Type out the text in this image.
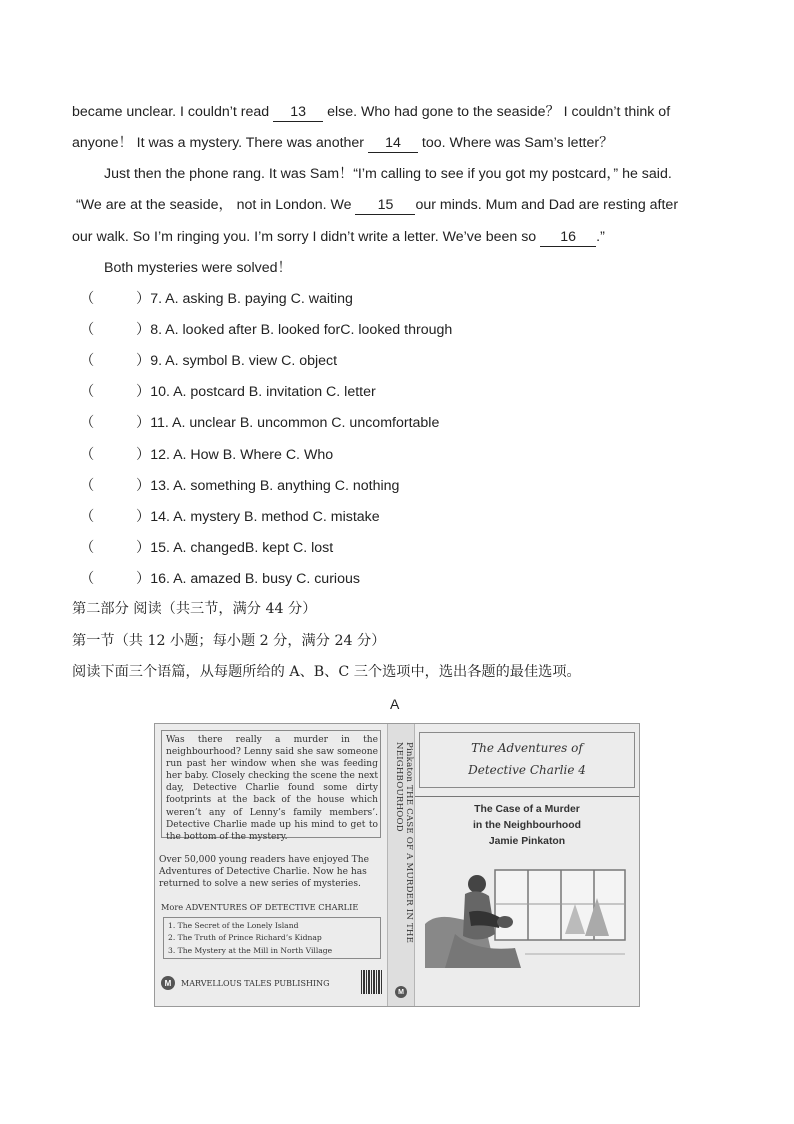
became unclear. I couldn’t read 13 else. Who had gone to the seaside？ I couldn’t think of
anyone！ It was a mystery. There was another 14 too. Where was Sam’s letter？
Just then the phone rang. It was Sam！“I’m calling to see if you got my postcard，” he said.
“We are at the seaside， not in London. We 15 our minds. Mum and Dad are resting after
our walk. So I’m ringing you. I’m sorry I didn’t write a letter. We’ve been so 16 .”
Both mysteries were solved！
（	）7. A. asking B. paying C. waiting
（	）8. A. looked after B. looked forC. looked through
（	）9. A. symbol B. view C. object
（	）10. A. postcard B. invitation C. letter
（	）11. A. unclear B. uncommon C. uncomfortable
（	）12. A. How B. Where C. Who
（	）13. A. something B. anything C. nothing
（	）14. A. mystery B. method C. mistake
（	）15. A. changedB. kept C. lost
（	）16. A. amazed B. busy C. curious
第二部分 阅读（共三节，满分 44 分）
第一节（共 12 小题；每小题 2 分，满分 24 分）
阅读下面三个语篇，从每题所给的 A、B、C 三个选项中，选出各题的最佳选项。
A
Was there really a murder in the neighbourhood? Lenny said she saw someone run past her window when she was feeding her baby. Closely checking the scene the next day, Detective Charlie found some dirty footprints at the back of the house which weren’t any of Lenny’s family members’. Detective Charlie made up his mind to get to the bottom of the mystery.
Over 50,000 young readers have enjoyed The Adventures of Detective Charlie. Now he has returned to solve a new series of mysteries.
More ADVENTURES OF DETECTIVE CHARLIE
1. The Secret of the Lonely Island
2. The Truth of Prince Richard’s Kidnap
3. The Mystery at the Mill in North Village
M	MARVELLOUS TALES PUBLISHING
Pinkaton THE CASE OF A MURDER IN THE NEIGHBOURHOOD
M
The Adventures of
Detective Charlie 4
The Case of a Murder
in the Neighbourhood
Jamie Pinkaton
